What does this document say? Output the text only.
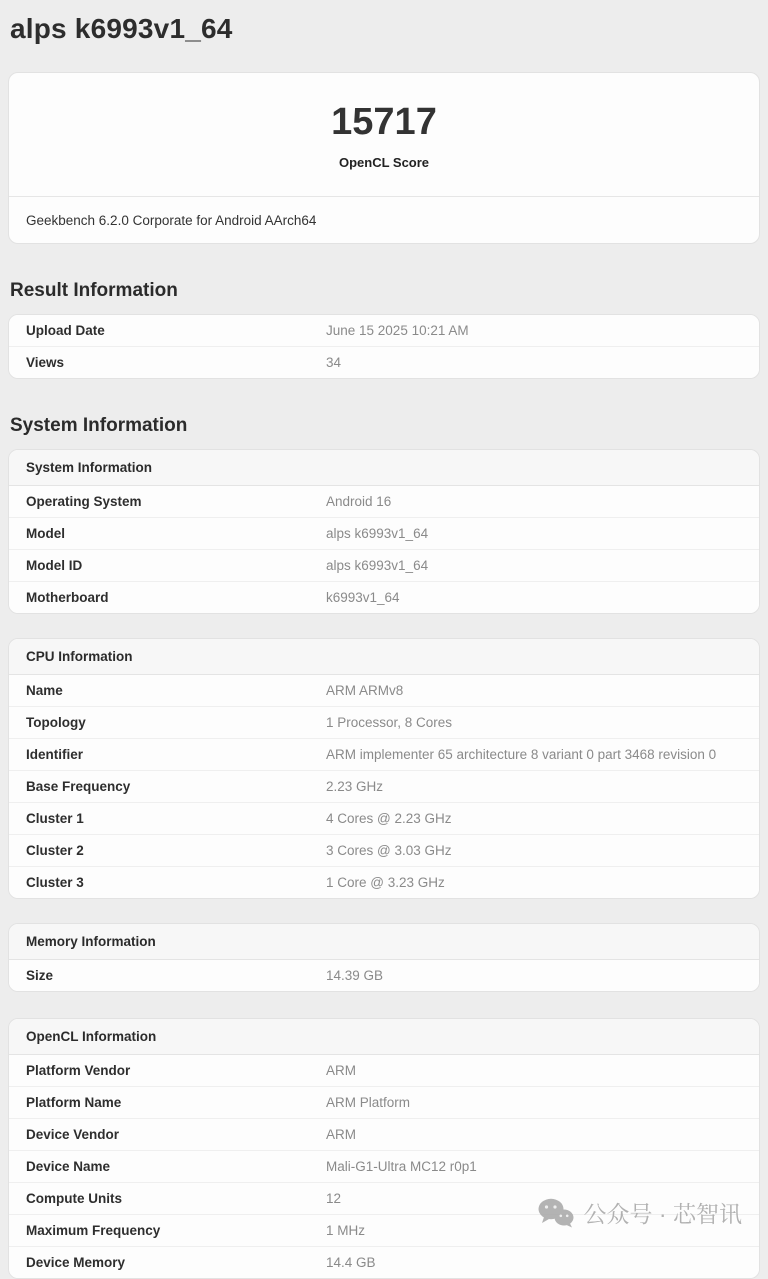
alps k6993v1_64
15717
OpenCL Score
Geekbench 6.2.0 Corporate for Android AArch64
Result Information
Upload Date	June 15 2025 10:21 AM
Views	34
System Information
System Information
Operating System	Android 16
Model	alps k6993v1_64
Model ID	alps k6993v1_64
Motherboard	k6993v1_64
CPU Information
Name	ARM ARMv8
Topology	1 Processor, 8 Cores
Identifier	ARM implementer 65 architecture 8 variant 0 part 3468 revision 0
Base Frequency	2.23 GHz
Cluster 1	4 Cores @ 2.23 GHz
Cluster 2	3 Cores @ 3.03 GHz
Cluster 3	1 Core @ 3.23 GHz
Memory Information
Size	14.39 GB
OpenCL Information
Platform Vendor	ARM
Platform Name	ARM Platform
Device Vendor	ARM
Device Name	Mali-G1-Ultra MC12 r0p1
Compute Units	12
Maximum Frequency	1 MHz
Device Memory	14.4 GB
公众号 · 芯智讯
